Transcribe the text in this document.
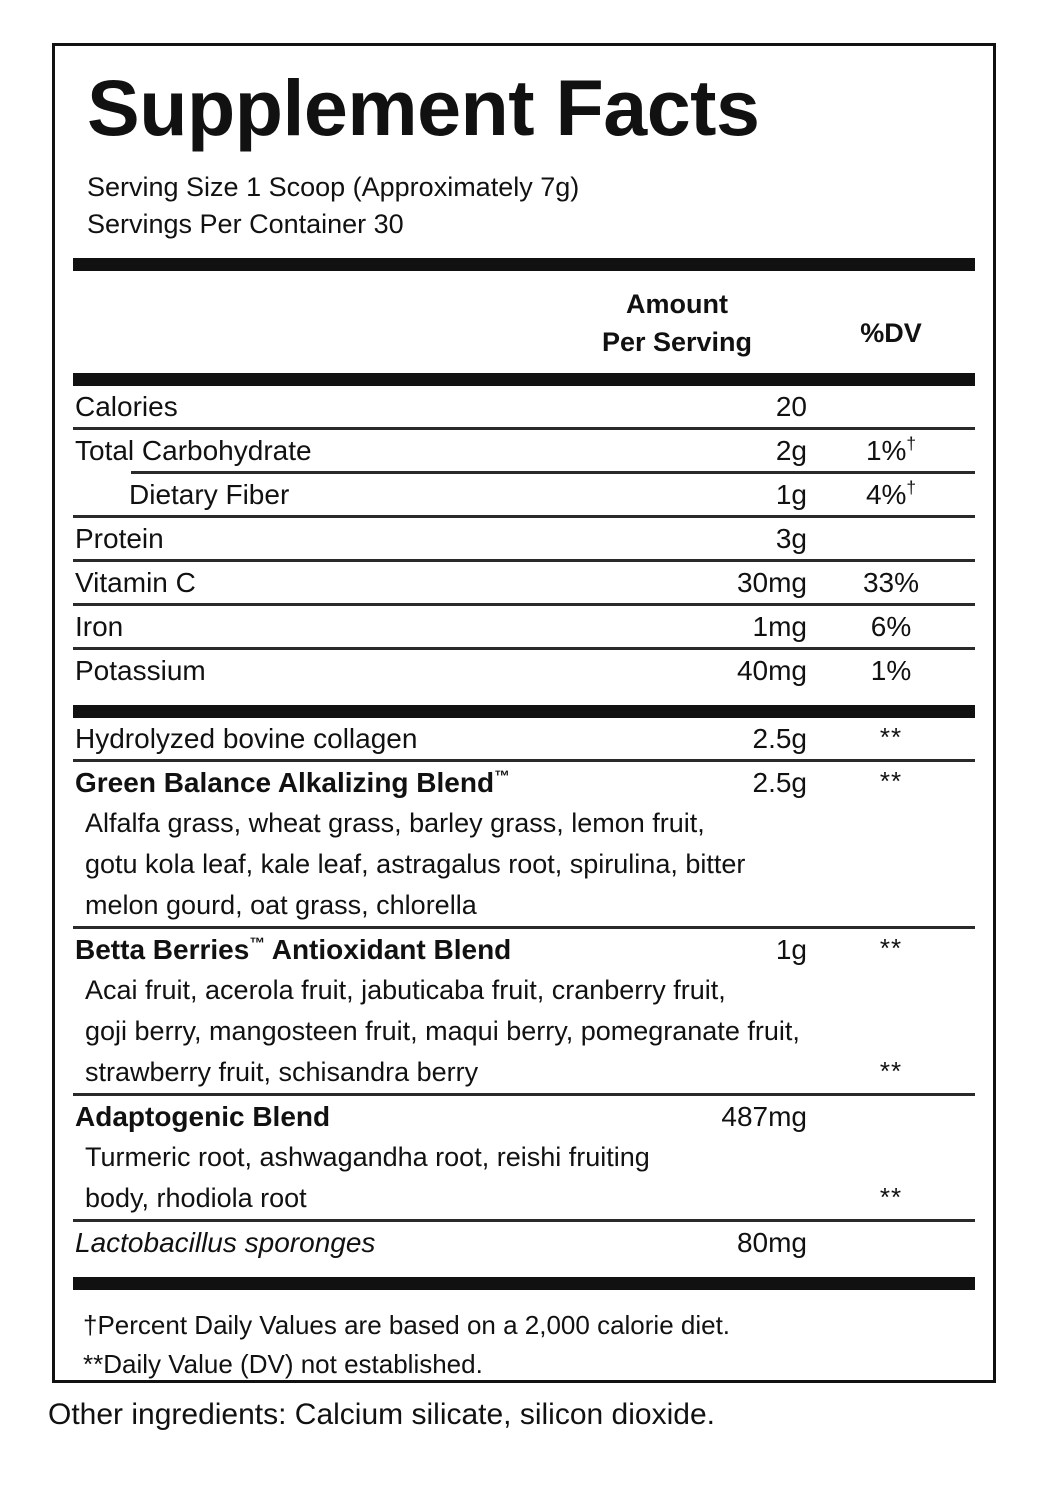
Supplement Facts
Serving Size 1 Scoop (Approximately 7g)
Servings Per Container 30
Amount
Per Serving	%DV
Calories	20
Total Carbohydrate	2g	1%†
Dietary Fiber	1g	4%†
Protein	3g
Vitamin C	30mg	33%
Iron	1mg	6%
Potassium	40mg	1%
Hydrolyzed bovine collagen	2.5g	**
Green Balance Alkalizing Blend™	2.5g	**
Alfalfa grass, wheat grass, barley grass, lemon fruit,
gotu kola leaf, kale leaf, astragalus root, spirulina, bitter
melon gourd, oat grass, chlorella
Betta Berries™ Antioxidant Blend	1g	**
Acai fruit, acerola fruit, jabuticaba fruit, cranberry fruit,
goji berry, mangosteen fruit, maqui berry, pomegranate fruit,
strawberry fruit, schisandra berry	**
Adaptogenic Blend	487mg
Turmeric root, ashwagandha root, reishi fruiting
body, rhodiola root	**
Lactobacillus sporonges	80mg
†Percent Daily Values are based on a 2,000 calorie diet.
**Daily Value (DV) not established.
Other ingredients: Calcium silicate, silicon dioxide.
